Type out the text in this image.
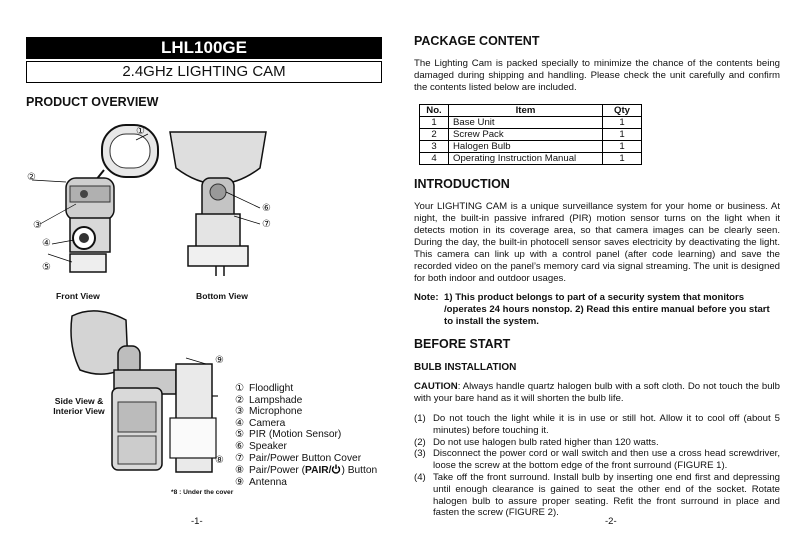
LHL100GE
2.4GHz LIGHTING CAM
PRODUCT OVERVIEW
①
②
③
④
⑤
⑥
⑦
Front View	Bottom View
⑨
⑧
Side View &
Interior View
*8 : Under the cover
① Floodlight
② Lampshade
③ Microphone
④ Camera
⑤ PIR (Motion Sensor)
⑥ Speaker
⑦ Pair/Power Button Cover
⑧ Pair/Power (PAIR/ ) Button
⑨ Antenna
-1-
PACKAGE CONTENT
The Lighting Cam is packed specially to minimize the chance of the contents being damaged during shipping and handling. Please check the unit carefully and confirm the contents listed below are included.
No.	Item	Qty
1	Base Unit	1
2	Screw Pack	1
3	Halogen Bulb	1
4	Operating Instruction Manual	1
INTRODUCTION
Your LIGHTING CAM is a unique surveillance system for your home or business. At night, the built-in passive infrared (PIR) motion sensor turns on the light when it detects motion in its coverage area, so that camera images can be clearly seen. During the day, the built-in photocell sensor saves electricity by deactivating the light. This camera can link up with a control panel (after code learning) and save the recorded video on the panel’s memory card via signal streaming. The unit is designed for both indoor and outdoor usages.
Note: 1) This product belongs to part of a security system that monitors /operates 24 hours nonstop. 2) Read this entire manual before you start to install the system.
BEFORE START
BULB INSTALLATION
CAUTION: Always handle quartz halogen bulb with a soft cloth. Do not touch the bulb with your bare hand as it will shorten the bulb life.
(1) Do not touch the light while it is in use or still hot. Allow it to cool off (about 5 minutes) before touching it.
(2) Do not use halogen bulb rated higher than 120 watts.
(3) Disconnect the power cord or wall switch and then use a cross head screwdriver, loose the screw at the bottom edge of the front surround (FIGURE 1).
(4) Take off the front surround. Install bulb by inserting one end first and depressing until enough clearance is gained to seat the other end of the socket. Rotate halogen bulb to assure proper seating. Refit the front surround in place and fasten the screw (FIGURE 2).
-2-
